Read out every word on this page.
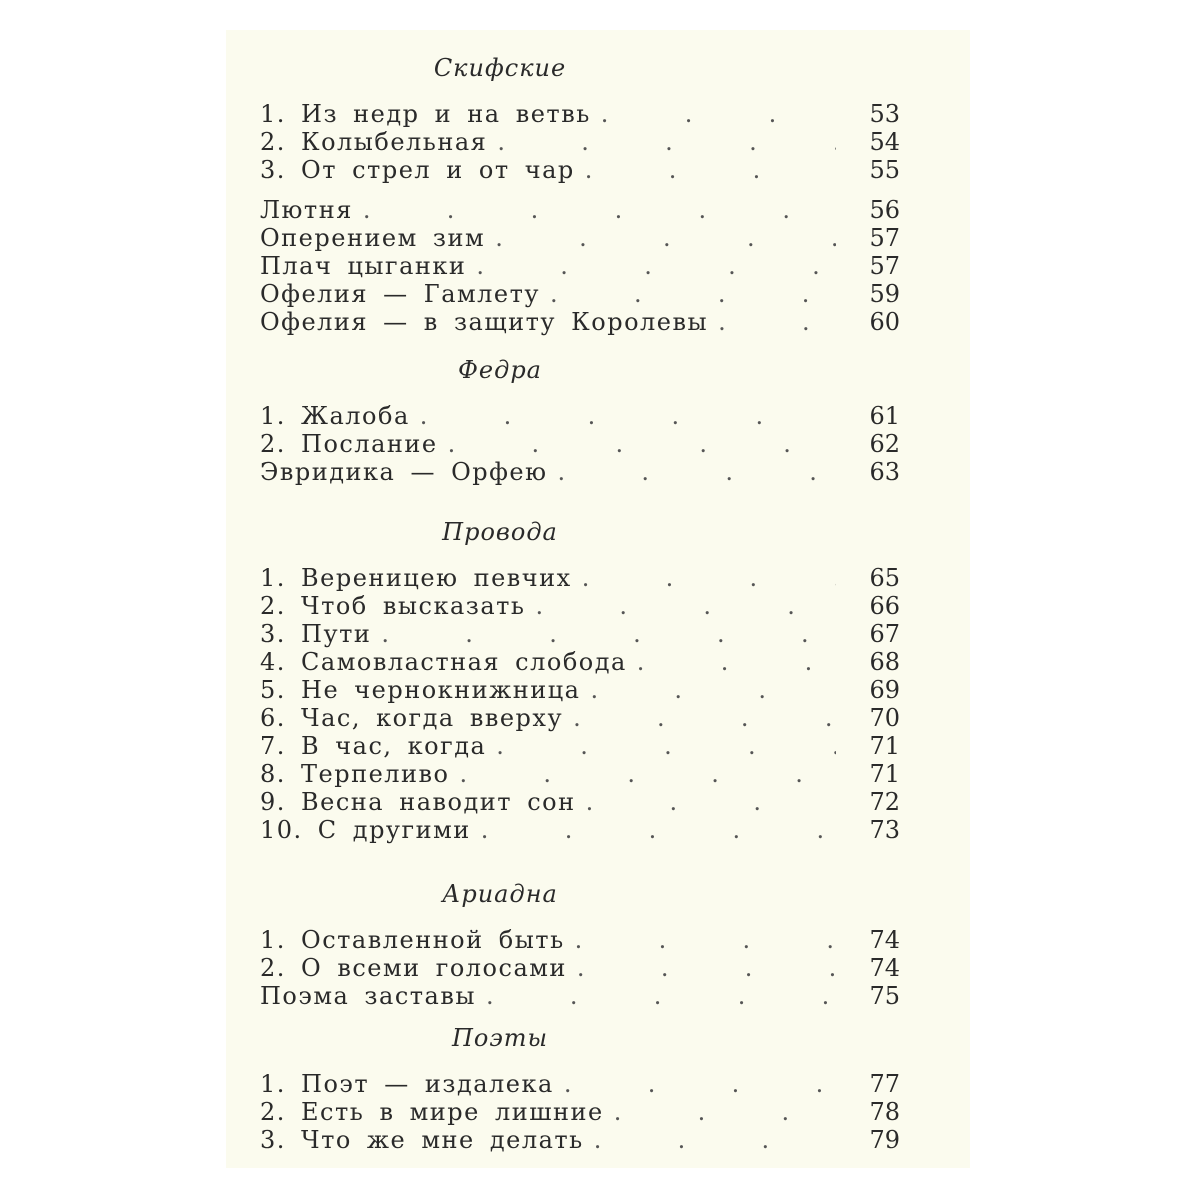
Скифские
1. Из недр и на ветвь .	53
2. Колыбельная .	54
3. От стрел и от чар .	55
Лютня .	56
Оперением зим .	57
Плач цыганки .	57
Офелия — Гамлету .	59
Офелия — в защиту Королевы .	60
Федра
1. Жалоба .	61
2. Послание .	62
Эвридика — Орфею .	63
Провода
1. Вереницею певчих .	65
2. Чтоб высказать .	66
3. Пути .	67
4. Самовластная слобода .	68
5. Не чернокнижница .	69
6. Час, когда вверху .	70
7. В час, когда .	71
8. Терпеливо .	71
9. Весна наводит сон .	72
10. С другими .	73
Ариадна
1. Оставленной быть .	74
2. О всеми голосами .	74
Поэма заставы .	75
Поэты
1. Поэт — издалека .	77
2. Есть в мире лишние .	78
3. Что же мне делать .	79
